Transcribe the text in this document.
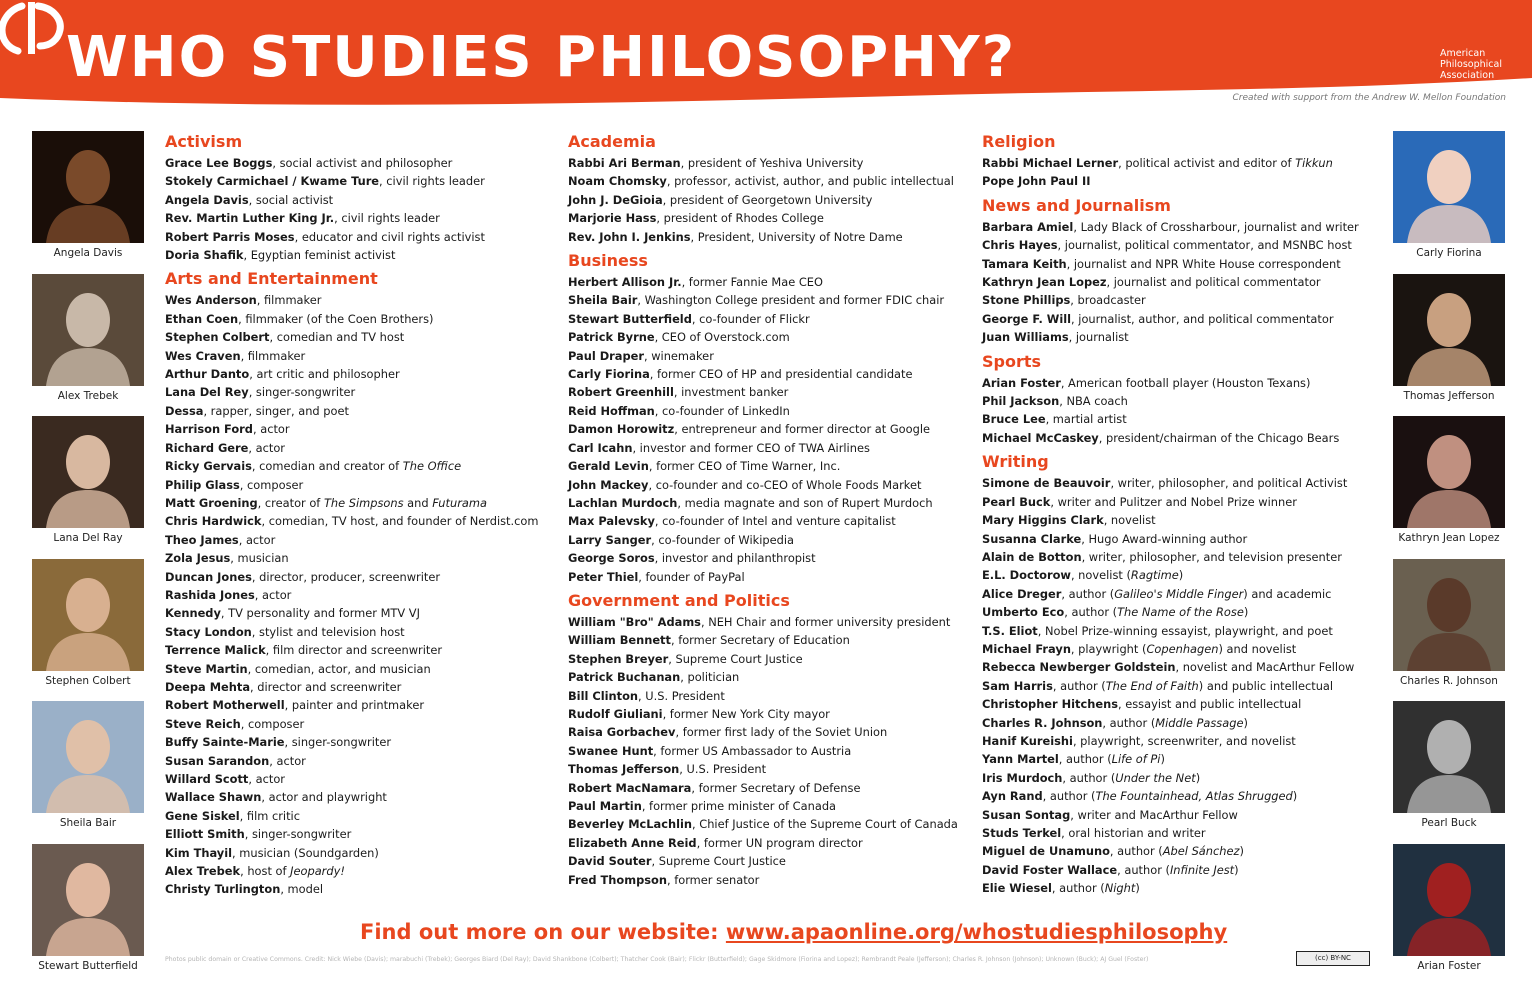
WHO STUDIES PHILOSOPHY?	American
Philosophical
Association
Created with support from the Andrew W. Mellon Foundation
Angela Davis
Alex Trebek
Lana Del Ray
Stephen Colbert
Sheila Bair
Stewart Butterfield
Carly Fiorina
Thomas Jefferson
Kathryn Jean Lopez
Charles R. Johnson
Pearl Buck
Arian Foster
Activism
Grace Lee Boggs, social activist and philosopher
Stokely Carmichael / Kwame Ture, civil rights leader
Angela Davis, social activist
Rev. Martin Luther King Jr., civil rights leader
Robert Parris Moses, educator and civil rights activist
Doria Shafik, Egyptian feminist activist
Arts and Entertainment
Wes Anderson, filmmaker
Ethan Coen, filmmaker (of the Coen Brothers)
Stephen Colbert, comedian and TV host
Wes Craven, filmmaker
Arthur Danto, art critic and philosopher
Lana Del Rey, singer-songwriter
Dessa, rapper, singer, and poet
Harrison Ford, actor
Richard Gere, actor
Ricky Gervais, comedian and creator of The Office
Philip Glass, composer
Matt Groening, creator of The Simpsons and Futurama
Chris Hardwick, comedian, TV host, and founder of Nerdist.com
Theo James, actor
Zola Jesus, musician
Duncan Jones, director, producer, screenwriter
Rashida Jones, actor
Kennedy, TV personality and former MTV VJ
Stacy London, stylist and television host
Terrence Malick, film director and screenwriter
Steve Martin, comedian, actor, and musician
Deepa Mehta, director and screenwriter
Robert Motherwell, painter and printmaker
Steve Reich, composer
Buffy Sainte-Marie, singer-songwriter
Susan Sarandon, actor
Willard Scott, actor
Wallace Shawn, actor and playwright
Gene Siskel, film critic
Elliott Smith, singer-songwriter
Kim Thayil, musician (Soundgarden)
Alex Trebek, host of Jeopardy!
Christy Turlington, model
Academia
Rabbi Ari Berman, president of Yeshiva University
Noam Chomsky, professor, activist, author, and public intellectual
John J. DeGioia, president of Georgetown University
Marjorie Hass, president of Rhodes College
Rev. John I. Jenkins, President, University of Notre Dame
Business
Herbert Allison Jr., former Fannie Mae CEO
Sheila Bair, Washington College president and former FDIC chair
Stewart Butterfield, co-founder of Flickr
Patrick Byrne, CEO of Overstock.com
Paul Draper, winemaker
Carly Fiorina, former CEO of HP and presidential candidate
Robert Greenhill, investment banker
Reid Hoffman, co-founder of LinkedIn
Damon Horowitz, entrepreneur and former director at Google
Carl Icahn, investor and former CEO of TWA Airlines
Gerald Levin, former CEO of Time Warner, Inc.
John Mackey, co-founder and co-CEO of Whole Foods Market
Lachlan Murdoch, media magnate and son of Rupert Murdoch
Max Palevsky, co-founder of Intel and venture capitalist
Larry Sanger, co-founder of Wikipedia
George Soros, investor and philanthropist
Peter Thiel, founder of PayPal
Government and Politics
William "Bro" Adams, NEH Chair and former university president
William Bennett, former Secretary of Education
Stephen Breyer, Supreme Court Justice
Patrick Buchanan, politician
Bill Clinton, U.S. President
Rudolf Giuliani, former New York City mayor
Raisa Gorbachev, former first lady of the Soviet Union
Swanee Hunt, former US Ambassador to Austria
Thomas Jefferson, U.S. President
Robert MacNamara, former Secretary of Defense
Paul Martin, former prime minister of Canada
Beverley McLachlin, Chief Justice of the Supreme Court of Canada
Elizabeth Anne Reid, former UN program director
David Souter, Supreme Court Justice
Fred Thompson, former senator
Religion
Rabbi Michael Lerner, political activist and editor of Tikkun
Pope John Paul II
News and Journalism
Barbara Amiel, Lady Black of Crossharbour, journalist and writer
Chris Hayes, journalist, political commentator, and MSNBC host
Tamara Keith, journalist and NPR White House correspondent
Kathryn Jean Lopez, journalist and political commentator
Stone Phillips, broadcaster
George F. Will, journalist, author, and political commentator
Juan Williams, journalist
Sports
Arian Foster, American football player (Houston Texans)
Phil Jackson, NBA coach
Bruce Lee, martial artist
Michael McCaskey, president/chairman of the Chicago Bears
Writing
Simone de Beauvoir, writer, philosopher, and political Activist
Pearl Buck, writer and Pulitzer and Nobel Prize winner
Mary Higgins Clark, novelist
Susanna Clarke, Hugo Award-winning author
Alain de Botton, writer, philosopher, and television presenter
E.L. Doctorow, novelist (Ragtime)
Alice Dreger, author (Galileo's Middle Finger) and academic
Umberto Eco, author (The Name of the Rose)
T.S. Eliot, Nobel Prize-winning essayist, playwright, and poet
Michael Frayn, playwright (Copenhagen) and novelist
Rebecca Newberger Goldstein, novelist and MacArthur Fellow
Sam Harris, author (The End of Faith) and public intellectual
Christopher Hitchens, essayist and public intellectual
Charles R. Johnson, author (Middle Passage)
Hanif Kureishi, playwright, screenwriter, and novelist
Yann Martel, author (Life of Pi)
Iris Murdoch, author (Under the Net)
Ayn Rand, author (The Fountainhead, Atlas Shrugged)
Susan Sontag, writer and MacArthur Fellow
Studs Terkel, oral historian and writer
Miguel de Unamuno, author (Abel Sánchez)
David Foster Wallace, author (Infinite Jest)
Elie Wiesel, author (Night)
Find out more on our website: www.apaonline.org/whostudiesphilosophy
Photos public domain or Creative Commons. Credit: Nick Wiebe (Davis); marabuchi (Trebek); Georges Biard (Del Ray); David Shankbone (Colbert); Thatcher Cook (Bair); Flickr (Butterfield); Gage Skidmore (Fiorina and Lopez); Rembrandt Peale (Jefferson); Charles R. Johnson (Johnson); Unknown (Buck); AJ Guel (Foster)	(cc) BY-NC
